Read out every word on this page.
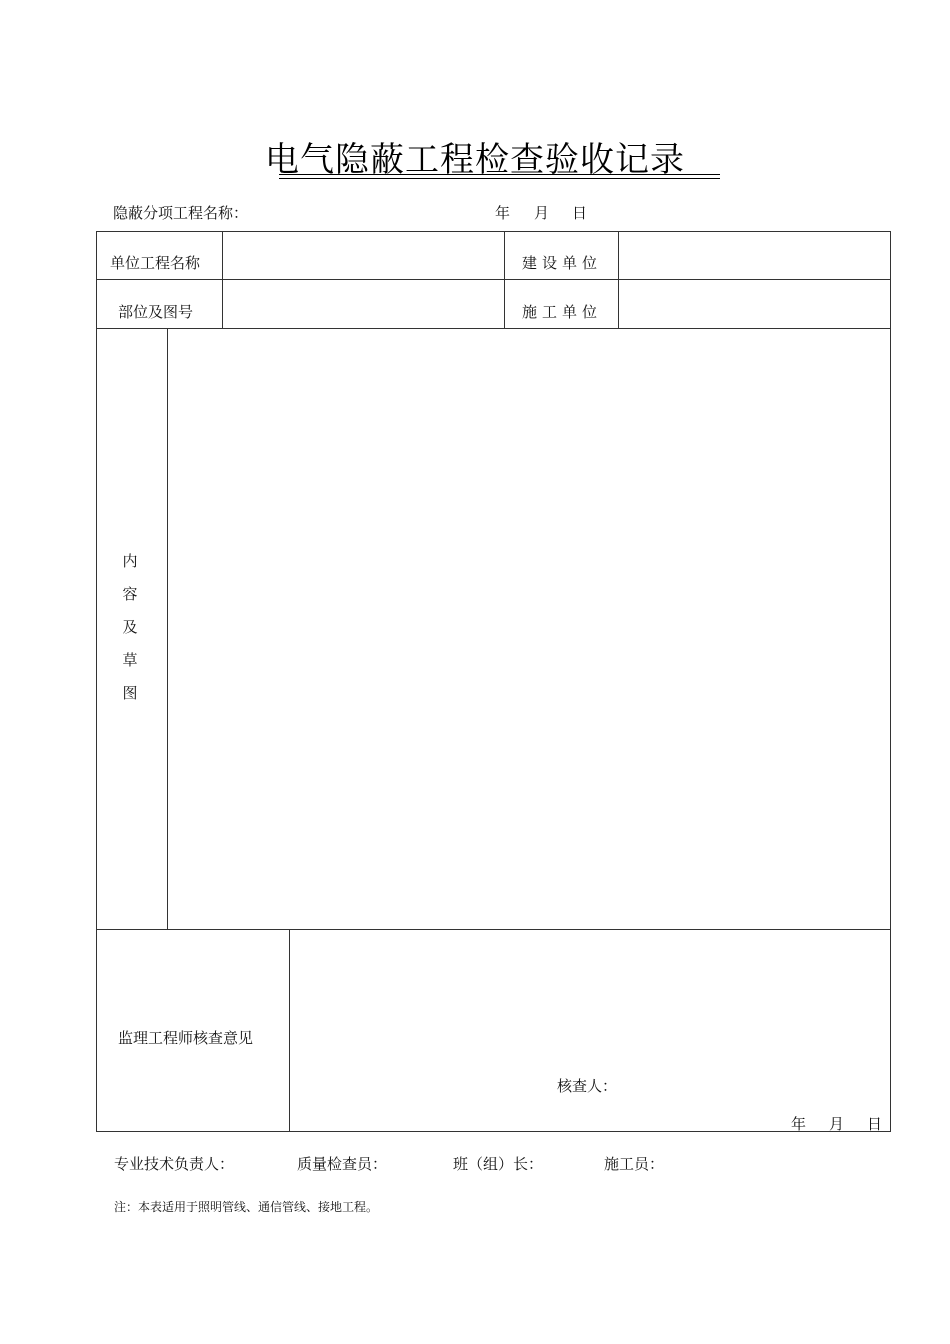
电气隐蔽工程检查验收记录
隐蔽分项工程名称：	年 月 日
单位工程名称	建设单位
部位及图号	施工单位
内
容
及
草
图
监理工程师核查意见
核查人：
年 月 日
专业技术负责人：	质量检查员：	班（组）长：	施工员：
注：本表适用于照明管线、通信管线、接地工程。
